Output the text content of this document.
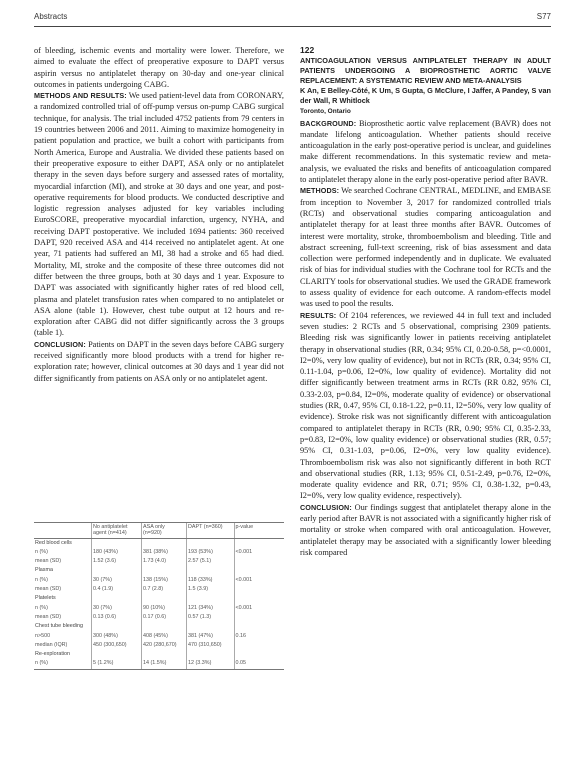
Abstracts	S77

of bleeding, ischemic events and mortality were lower. Therefore, we aimed to evaluate the effect of preoperative exposure to DAPT versus aspirin versus no antiplatelet therapy on 30-day and one-year clinical outcomes in patients undergoing CABG.

METHODS AND RESULTS: We used patient-level data from CORONARY, a randomized controlled trial of off-pump versus on-pump CABG surgical technique, for analysis. The trial included 4752 patients from 79 centers in 19 countries between 2006 and 2011. Aiming to maximize homogeneity in patient population and practice, we built a cohort with participants from North America, Europe and Australia. We divided these patients based on their preoperative exposure to either DAPT, ASA only or no antiplatelet therapy in the seven days before surgery and assessed rates of mortality, myocardial infarction (MI), and stroke at 30 days and one year, and post-operative requirements for blood products. We conducted descriptive and logistic regression analyses adjusted for key variables including EuroSCORE, preoperative myocardial infarction, urgency, NYHA, and receiving DAPT postoperative. We included 1694 patients: 360 received DAPT, 920 received ASA and 414 received no antiplatelet agent. At one year, 71 patients had suffered an MI, 38 had a stroke and 65 had died. Mortality, MI, stroke and the composite of these three outcomes did not differ between the three groups, both at 30 days and 1 year. Exposure to DAPT was associated with significantly higher rates of red blood cell, plasma and platelet transfusion rates when compared to no antiplatelet or ASA alone (table 1). However, chest tube output at 12 hours and re-exploration after CABG did not differ significantly across the 3 groups (table 1).

CONCLUSION: Patients on DAPT in the seven days before CABG surgery received significantly more blood products with a trend for higher re-exploration rate; however, clinical outcomes at 30 days and 1 year did not differ significantly from patients on ASA only or no antiplatelet agent.

	No antiplatelet agent (n=414)	ASA only (n=920)	DAPT (n=360)	p-value
Red blood cells				
n (%)	180 (43%)	381 (38%)	193 (53%)	<0.001
mean (SD)	1.52 (3.6)	1.73 (4.0)	2.57 (5.1)	
Plasma				
n (%)	30 (7%)	138 (15%)	118 (33%)	<0.001
mean (SD)	0.4 (1.9)	0.7 (2.8)	1.5 (3.9)	
Platelets				
n (%)	30 (7%)	90 (10%)	121 (34%)	<0.001
mean (SD)	0.13 (0.6)	0.17 (0.6)	0.57 (1.3)	
Chest tube bleeding				
n>500	300 (48%)	408 (45%)	381 (47%)	0.16
median (IQR)	450 (300,650)	420 (280,670)	470 (310,650)	
Re-exploration				
n (%)	5 (1.2%)	14 (1.5%)	12 (3.3%)	0.05

122

ANTICOAGULATION VERSUS ANTIPLATELET THERAPY IN ADULT PATIENTS UNDERGOING A BIOPROSTHETIC AORTIC VALVE REPLACEMENT: A SYSTEMATIC REVIEW AND META-ANALYSIS

K An, E Belley-Côté, K Um, S Gupta, G McClure, I Jaffer, A Pandey, S van der Wall, R Whitlock

Toronto, Ontario

BACKGROUND: Bioprosthetic aortic valve replacement (BAVR) does not mandate lifelong anticoagulation. Whether patients should receive anticoagulation in the early post-operative period is unclear, and guidelines make different recommendations. In this systematic review and meta-analysis, we evaluated the risks and benefits of anticoagulation compared to antiplatelet therapy alone in the early post-operative period after BAVR.

METHODS: We searched Cochrane CENTRAL, MEDLINE, and EMBASE from inception to November 3, 2017 for randomized controlled trials (RCTs) and observational studies comparing anticoagulation and antiplatelet therapy for at least three months after BAVR. Outcomes of interest were mortality, stroke, thromboembolism and bleeding. Title and abstract screening, full-text screening, risk of bias assessment and data collection were performed independently and in duplicate. We evaluated risk of bias for individual studies with the Cochrane tool for RCTs and the CLARITY tools for observational studies. We used the GRADE framework to assess quality of evidence for each outcome. A random-effects model was used to pool the results.

RESULTS: Of 2104 references, we reviewed 44 in full text and included seven studies: 2 RCTs and 5 observational, comprising 2309 patients. Bleeding risk was significantly lower in patients receiving antiplatelet therapy in observational studies (RR, 0.34; 95% CI, 0.20-0.58, p=<0.0001, I2=0%, very low quality of evidence), but not in RCTs (RR, 0.34; 95% CI, 0.11-1.04, p=0.06, I2=0%, low quality of evidence). Mortality did not differ significantly between treatment arms in RCTs (RR 0.82, 95% CI, 0.33-2.03, p=0.84, I2=0%, moderate quality of evidence) or observational studies (RR, 0.47, 95% CI, 0.18-1.22, p=0.11, I2=50%, very low quality of evidence). Stroke risk was not significantly different with anticoagulation compared to antiplatelet therapy in RCTs (RR, 0.90; 95% CI, 0.35-2.33, p=0.83, I2=0%, low quality evidence) or observational studies (RR, 0.57; 95% CI, 0.31-1.03, p=0.06, I2=0%, very low quality evidence). Thromboembolism risk was also not significantly different in both RCT and observational studies (RR, 1.13; 95% CI, 0.51-2.49, p=0.76, I2=0%, moderate quality evidence and RR, 0.71; 95% CI, 0.38-1.32, p=0.43, I2=0%, very low quality evidence, respectively).

CONCLUSION: Our findings suggest that antiplatelet therapy alone in the early period after BAVR is not associated with a significantly higher risk of mortality or stroke when compared with oral anticoagulation. However, antiplatelet therapy may be associated with a significantly lower bleeding risk compared
